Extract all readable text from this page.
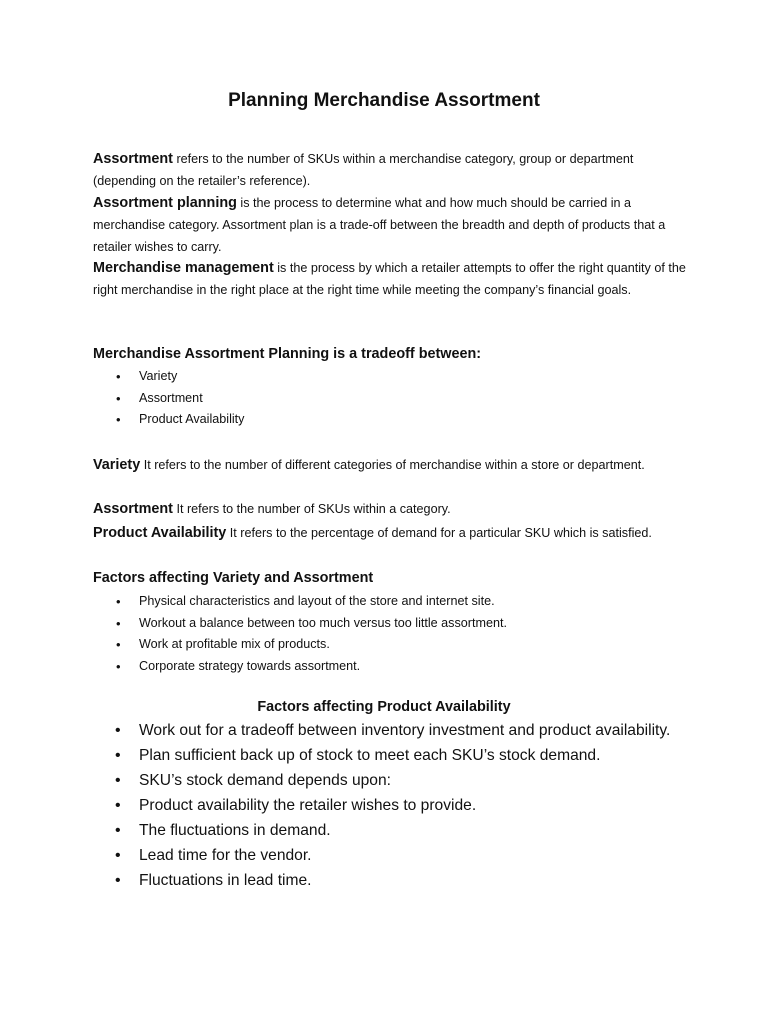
Planning Merchandise Assortment

Assortment refers to the number of SKUs within a merchandise category, group or department (depending on the retailer’s reference).

Assortment planning is the process to determine what and how much should be carried in a merchandise category. Assortment plan is a trade-off between the breadth and depth of products that a retailer wishes to carry.

Merchandise management is the process by which a retailer attempts to offer the right quantity of the right merchandise in the right place at the right time while meeting the company’s financial goals.

Merchandise Assortment Planning is a tradeoff between:
• Variety
• Assortment
• Product Availability

Variety It refers to the number of different categories of merchandise within a store or department.

Assortment It refers to the number of SKUs within a category.

Product Availability It refers to the percentage of demand for a particular SKU which is satisfied.

Factors affecting Variety and Assortment
• Physical characteristics and layout of the store and internet site.
• Workout a balance between too much versus too little assortment.
• Work at profitable mix of products.
• Corporate strategy towards assortment.
Factors affecting Product Availability
• Work out for a tradeoff between inventory investment and product availability.
• Plan sufficient back up of stock to meet each SKU’s stock demand.
• SKU’s stock demand depends upon:
• Product availability the retailer wishes to provide.
• The fluctuations in demand.
• Lead time for the vendor.
• Fluctuations in lead time.
